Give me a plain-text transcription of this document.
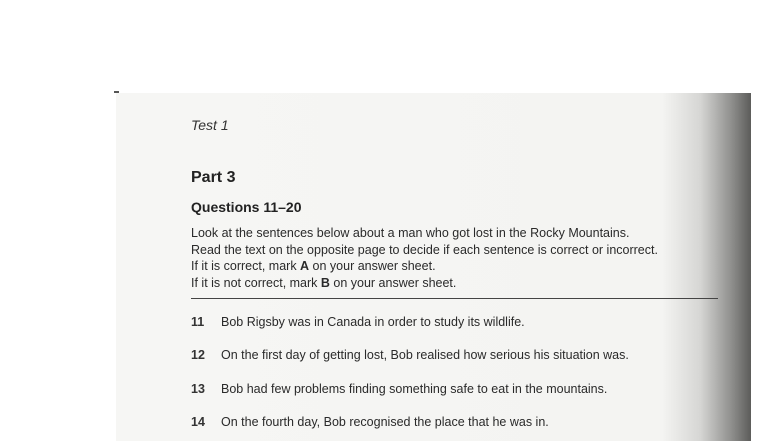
Test 1
Part 3
Questions 11–20
Look at the sentences below about a man who got lost in the Rocky Mountains.
Read the text on the opposite page to decide if each sentence is correct or incorrect.
If it is correct, mark A on your answer sheet.
If it is not correct, mark B on your answer sheet.
11 Bob Rigsby was in Canada in order to study its wildlife.
12 On the first day of getting lost, Bob realised how serious his situation was.
13 Bob had few problems finding something safe to eat in the mountains.
14 On the fourth day, Bob recognised the place that he was in.
